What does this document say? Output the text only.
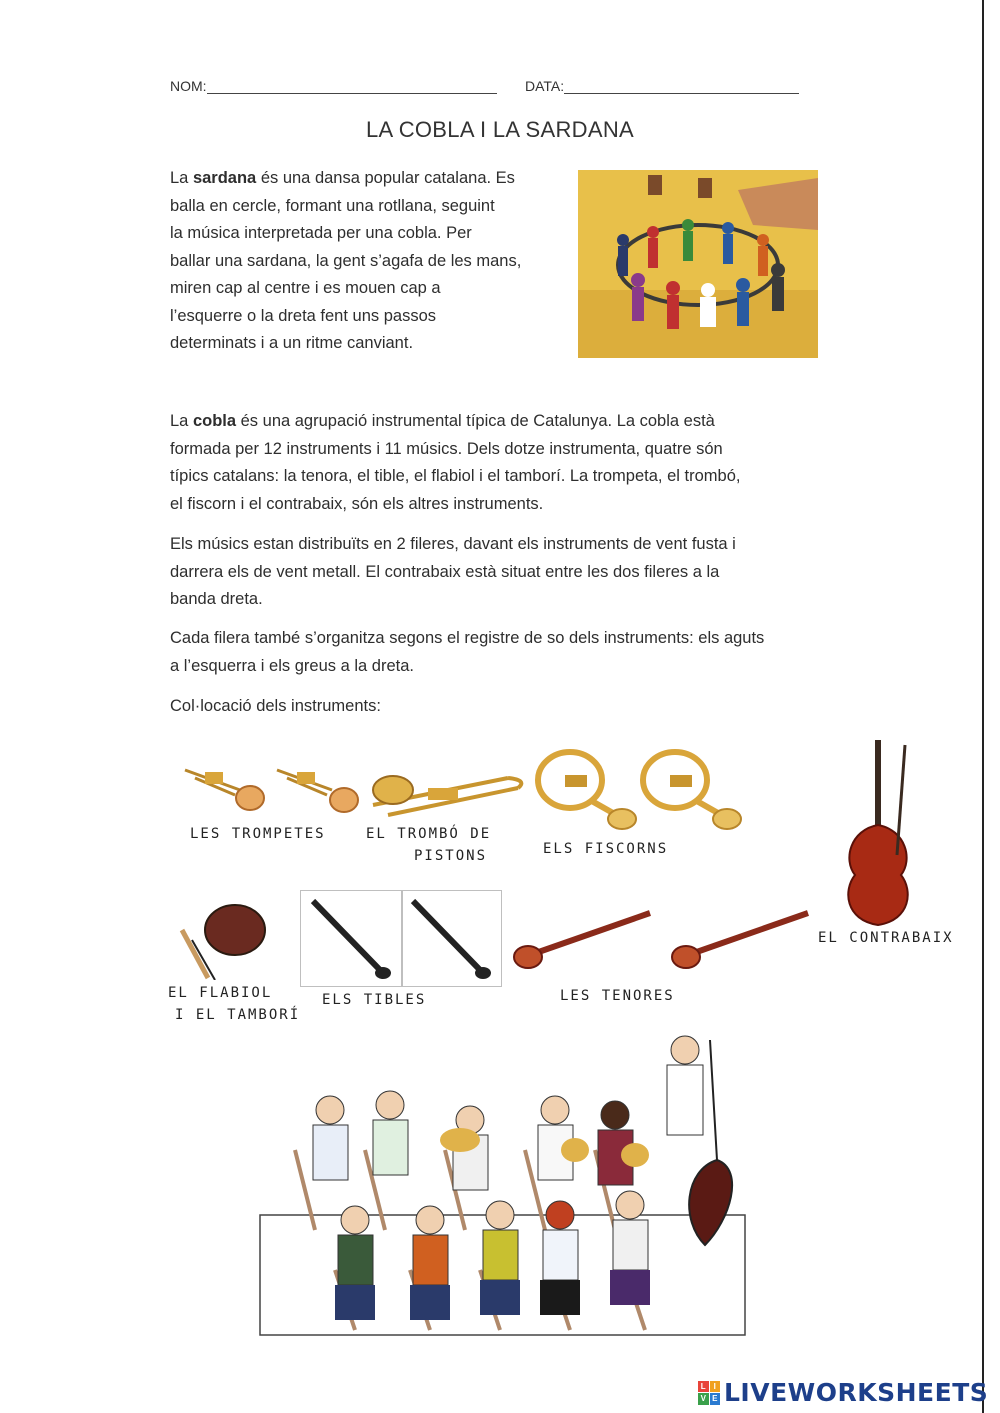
NOM:	DATA:
LA COBLA I LA SARDANA
La sardana és una dansa popular catalana. Es
balla en cercle, formant una rotllana, seguint
la música interpretada per una cobla. Per
ballar una sardana, la gent s’agafa de les mans,
miren cap al centre i es mouen cap a
l’esquerre o la dreta fent uns passos
determinats i a un ritme canviant.
La cobla és una agrupació instrumental típica de Catalunya. La cobla està
formada per 12 instruments i 11 músics. Dels dotze instrumenta, quatre són
típics catalans: la tenora, el tible, el flabiol i el tamborí. La trompeta, el trombó,
el fiscorn i el contrabaix, són els altres instruments.
Els músics estan distribuïts en 2 fileres, davant els instruments de vent fusta i
darrera els de vent metall. El contrabaix està situat entre les dos fileres a la
banda dreta.
Cada filera també s’organitza segons el registre de so dels instruments: els aguts
a l’esquerra i els greus a la dreta.
Col·locació dels instruments:
LES TROMPETES	EL TROMBÓ DE
PISTONS	ELS FISCORNS
EL CONTRABAIX
EL FLABIOL
I EL TAMBORÍ
ELS TIBLES	LES TENORES
L I
V E LIVEWORKSHEETS
